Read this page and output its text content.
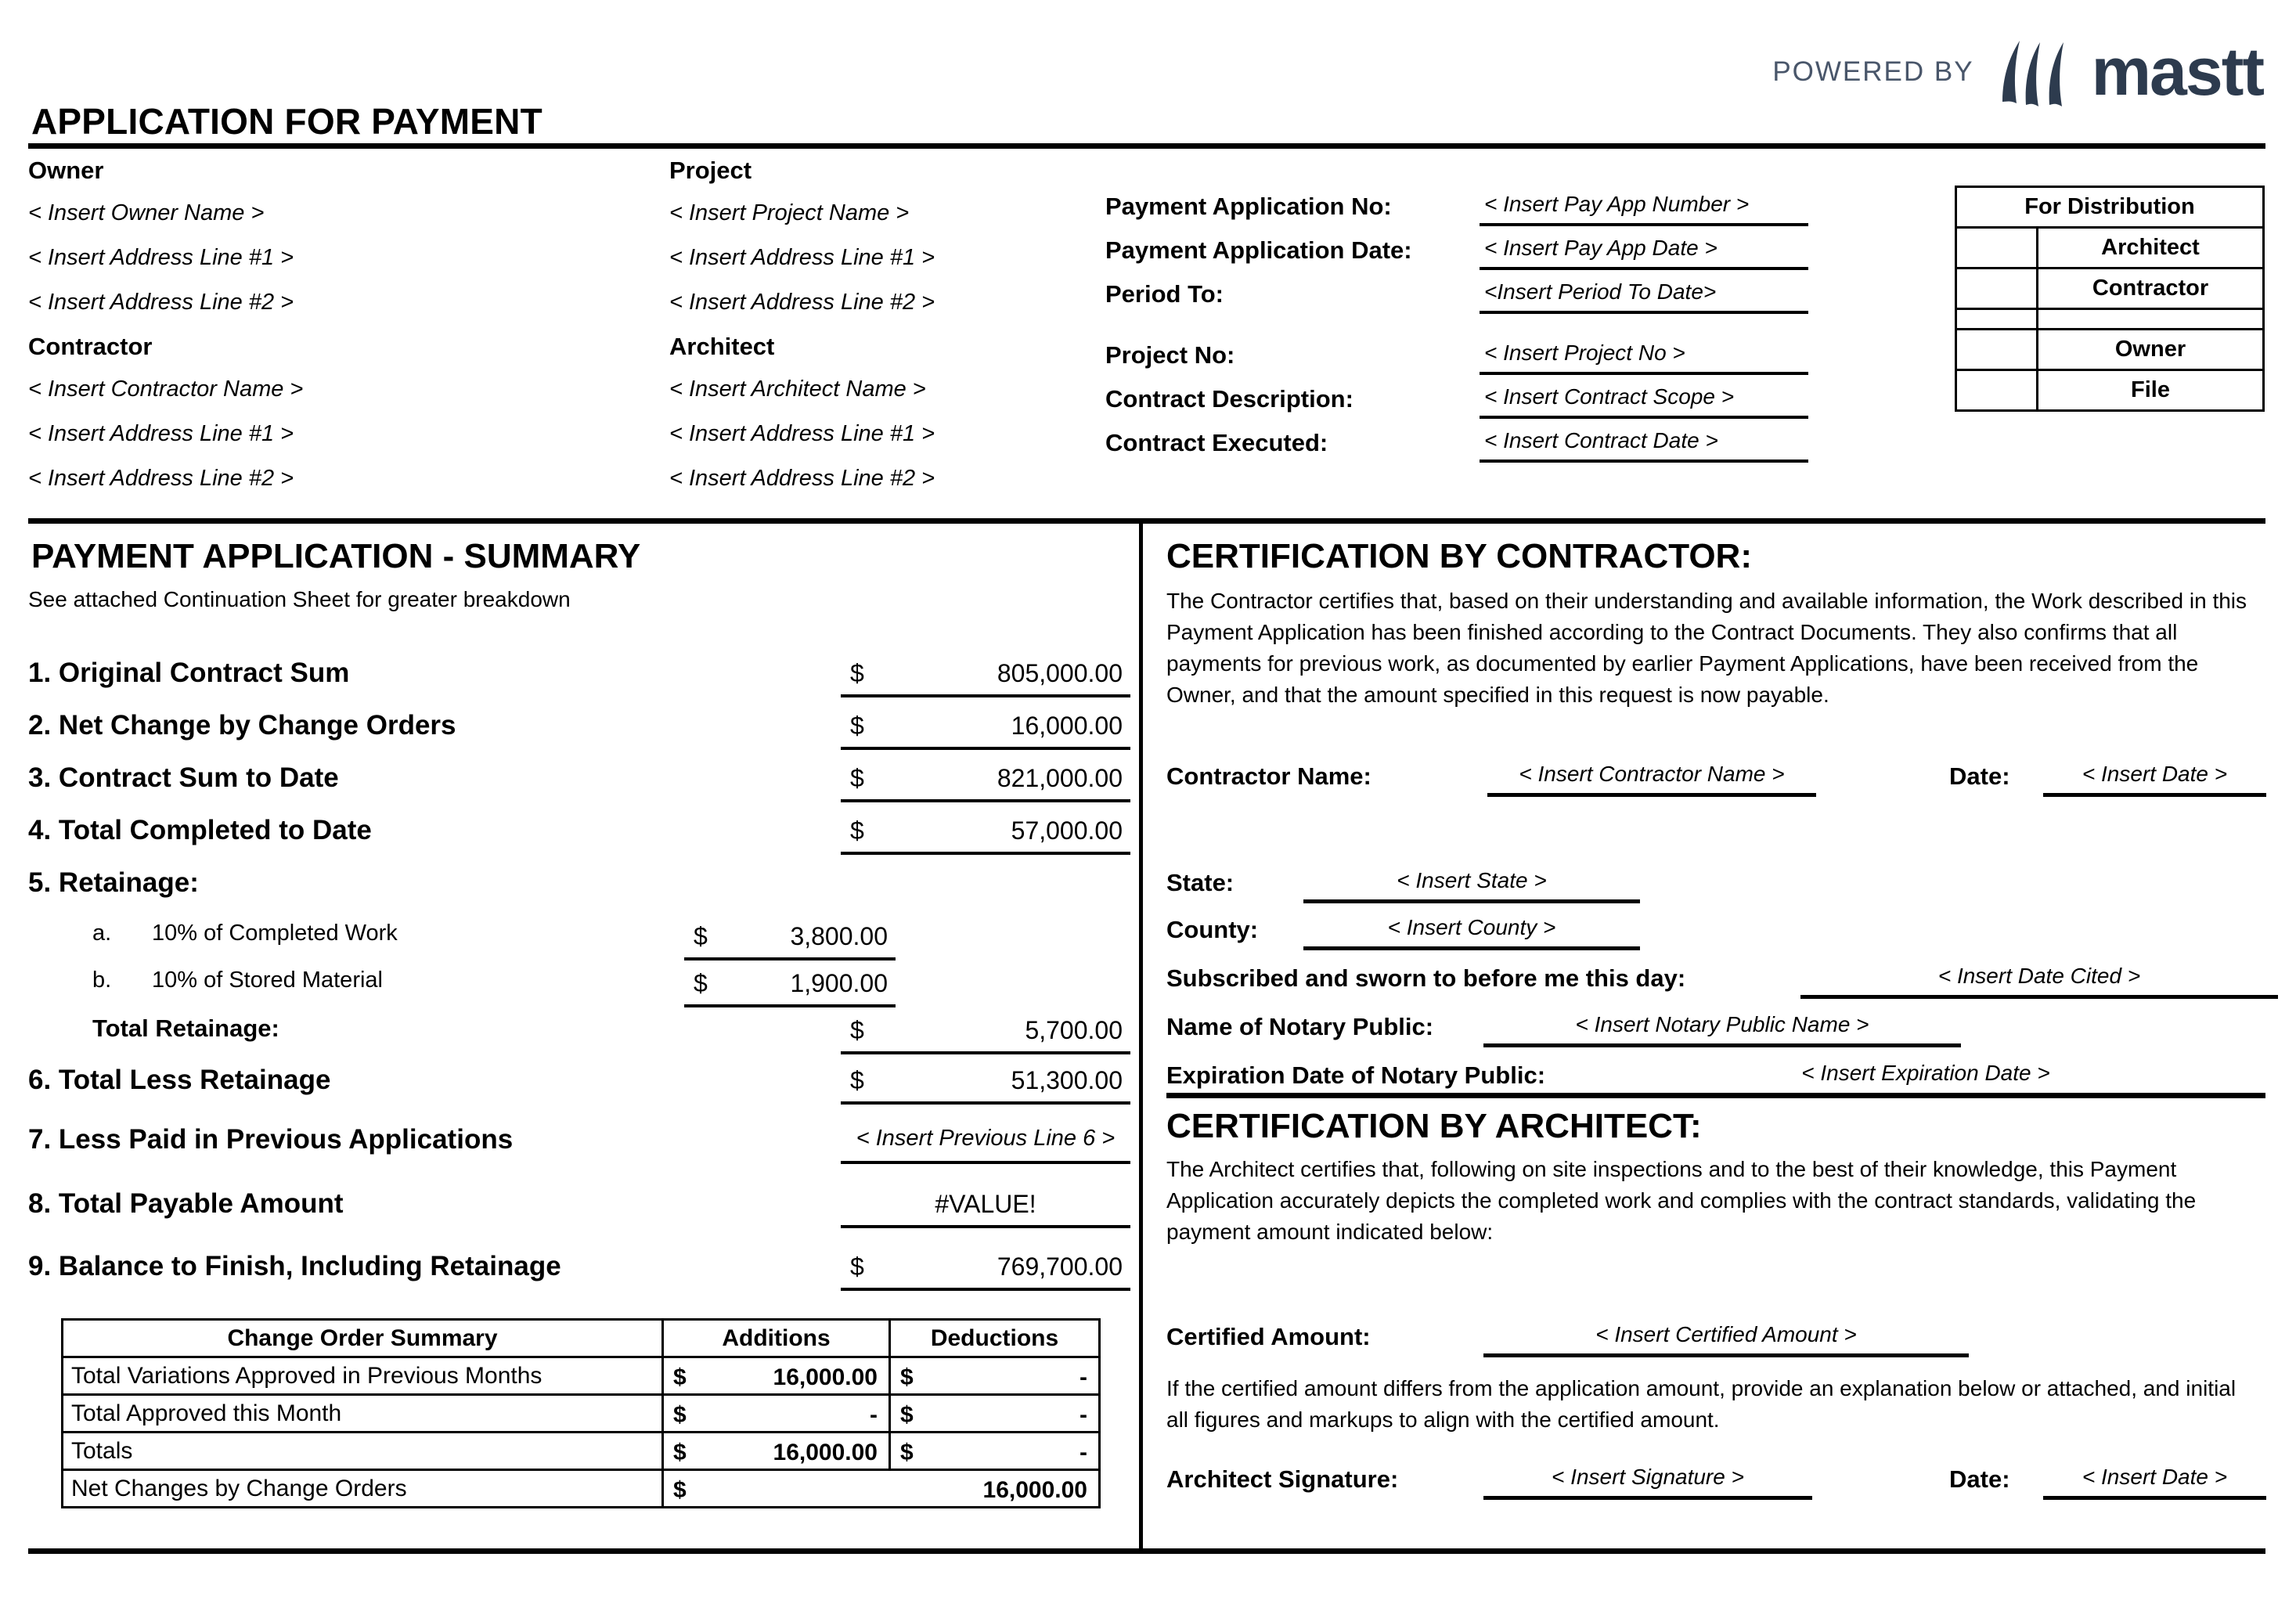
POWERED BY mastt
APPLICATION FOR PAYMENT
Owner
< Insert Owner Name >
< Insert Address Line #1 >
< Insert Address Line #2 >
Project
< Insert Project Name >
< Insert Address Line #1 >
< Insert Address Line #2 >
Contractor
< Insert Contractor Name >
< Insert Address Line #1 >
< Insert Address Line #2 >
Architect
< Insert Architect Name >
< Insert Address Line #1 >
< Insert Address Line #2 >
Payment Application No:	< Insert Pay App Number >
Payment Application Date:	< Insert Pay App Date >
Period To:	<Insert Period To Date>
Project No:	< Insert Project No >
Contract Description:	< Insert Contract Scope >
Contract Executed:	< Insert Contract Date >
For Distribution	
	Architect
	Contractor

	Owner
	File
PAYMENT APPLICATION - SUMMARY
See attached Continuation Sheet for greater breakdown
1. Original Contract Sum	$	805,000.00
2. Net Change by Change Orders	$	16,000.00
3. Contract Sum to Date	$	821,000.00
4. Total Completed to Date	$	57,000.00
5. Retainage:
a. 10% of Completed Work	$	3,800.00
b. 10% of Stored Material	$	1,900.00
Total Retainage:	$	5,700.00
6. Total Less Retainage	$	51,300.00
7. Less Paid in Previous Applications	< Insert Previous Line 6 >
8. Total Payable Amount	#VALUE!
9. Balance to Finish, Including Retainage	$	769,700.00
Change Order Summary	Additions	Deductions
Total Variations Approved in Previous Months	$ 16,000.00	$ -

Total Approved this Month	$ -	$ -

Totals	$ 16,000.00	$ -

Net Changes by Change Orders	$ 16,000.00	
CERTIFICATION BY CONTRACTOR:
The Contractor certifies that, based on their understanding and available information, the Work described in this Payment Application has been finished according to the Contract Documents. They also confirms that all payments for previous work, as documented by earlier Payment Applications, have been received from the Owner, and that the amount specified in this request is now payable.
Contractor Name:	< Insert Contractor Name >	Date:	< Insert Date >
State:	< Insert State >
County:	< Insert County >
Subscribed and sworn to before me this day:	< Insert Date Cited >
Name of Notary Public:	< Insert Notary Public Name >
Expiration Date of Notary Public:	< Insert Expiration Date >
CERTIFICATION BY ARCHITECT:
The Architect certifies that, following on site inspections and to the best of their knowledge, this Payment Application accurately depicts the completed work and complies with the contract standards, validating the payment amount indicated below:
Certified Amount:	< Insert Certified Amount >
If the certified amount differs from the application amount, provide an explanation below or attached, and initial all figures and markups to align with the certified amount.
Architect Signature:	< Insert Signature >	Date:	< Insert Date >
